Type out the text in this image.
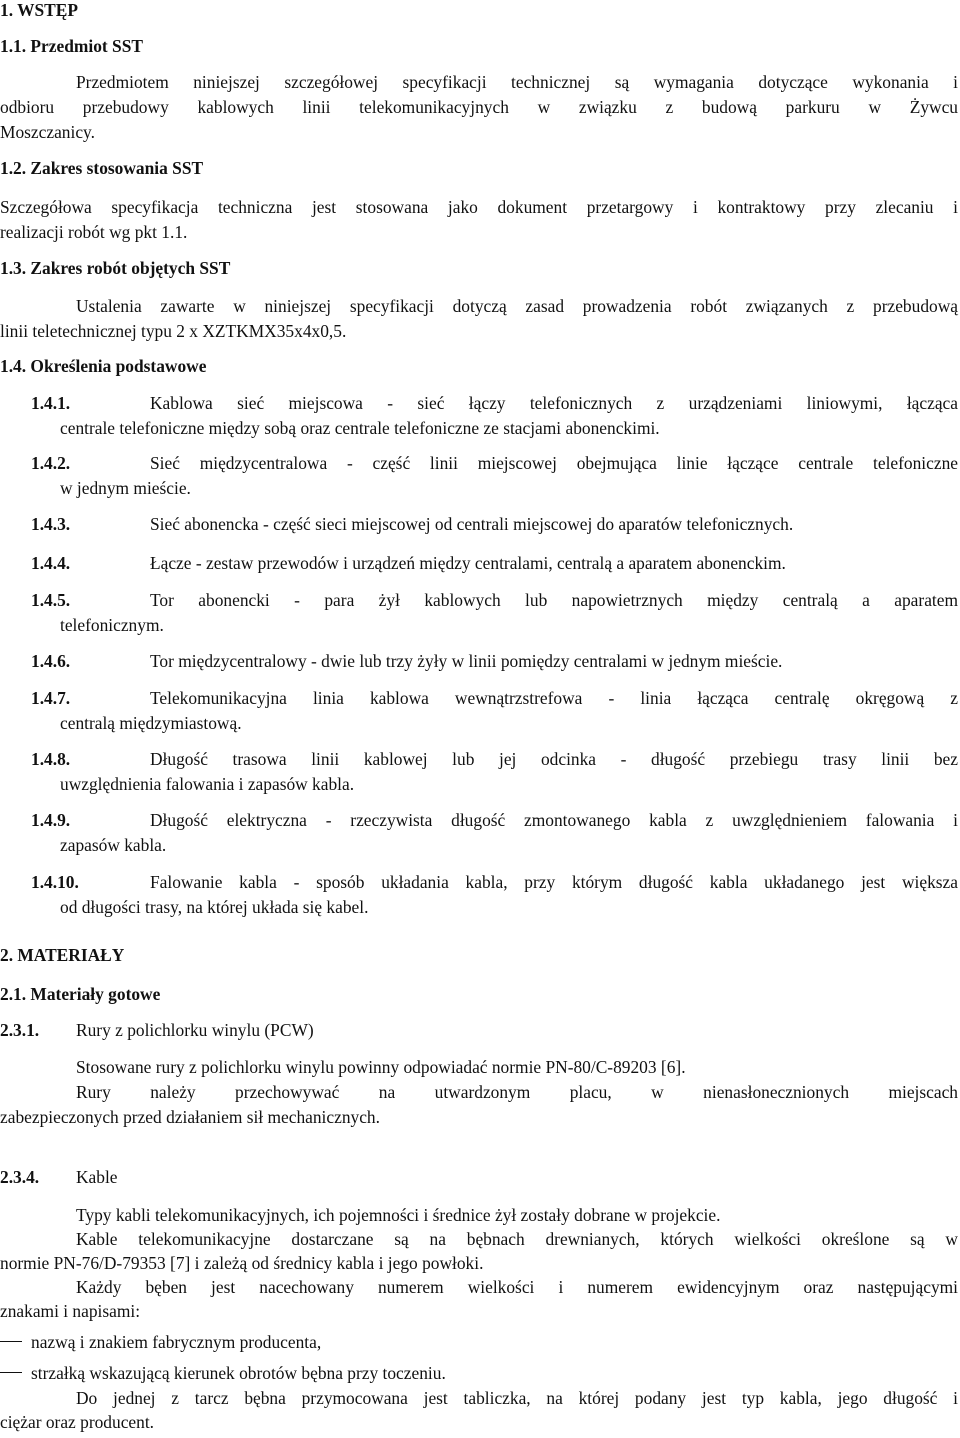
1. WSTĘP
1.1. Przedmiot SST
Przedmiotem niniejszej szczegółowej specyfikacji technicznej są wymagania dotyczące wykonania i
odbioru przebudowy kablowych linii telekomunikacyjnych w związku z budową parkuru w Żywcu
Moszczanicy.
1.2. Zakres stosowania SST
Szczegółowa specyfikacja techniczna jest stosowana jako dokument przetargowy i kontraktowy przy zlecaniu i
realizacji robót wg pkt 1.1.
1.3. Zakres robót objętych SST
Ustalenia zawarte w niniejszej specyfikacji dotyczą zasad prowadzenia robót związanych z przebudową
linii teletechnicznej typu 2 x XZTKMX35x4x0,5.
1.4. Określenia podstawowe
1.4.1.	Kablowa sieć miejscowa - sieć łączy telefonicznych z urządzeniami liniowymi, łącząca
centrale telefoniczne między sobą oraz centrale telefoniczne ze stacjami abonenckimi.
1.4.2.	Sieć międzycentralowa - część linii miejscowej obejmująca linie łączące centrale telefoniczne
w jednym mieście.
1.4.3.	Sieć abonencka - część sieci miejscowej od centrali miejscowej do aparatów telefonicznych.
1.4.4.	Łącze - zestaw przewodów i urządzeń między centralami, centralą a aparatem abonenckim.
1.4.5.	Tor abonencki - para żył kablowych lub napowietrznych między centralą a aparatem
telefonicznym.
1.4.6.	Tor międzycentralowy - dwie lub trzy żyły w linii pomiędzy centralami w jednym mieście.
1.4.7.	Telekomunikacyjna linia kablowa wewnątrzstrefowa - linia łącząca centralę okręgową z
centralą międzymiastową.
1.4.8.	Długość trasowa linii kablowej lub jej odcinka - długość przebiegu trasy linii bez
uwzględnienia falowania i zapasów kabla.
1.4.9.	Długość elektryczna - rzeczywista długość zmontowanego kabla z uwzględnieniem falowania i
zapasów kabla.
1.4.10.	Falowanie kabla - sposób układania kabla, przy którym długość kabla układanego jest większa
od długości trasy, na której układa się kabel.
2. MATERIAŁY
2.1. Materiały gotowe
2.3.1. Rury z polichlorku winylu (PCW)
Stosowane rury z polichlorku winylu powinny odpowiadać normie PN-80/C-89203 [6].
Rury należy przechowywać na utwardzonym placu, w nienasłonecznionych miejscach
zabezpieczonych przed działaniem sił mechanicznych.
2.3.4. Kable
Typy kabli telekomunikacyjnych, ich pojemności i średnice żył zostały dobrane w projekcie.
Kable telekomunikacyjne dostarczane są na bębnach drewnianych, których wielkości określone są w
normie PN-76/D-79353 [7] i zależą od średnicy kabla i jego powłoki.
Każdy bęben jest nacechowany numerem wielkości i numerem ewidencyjnym oraz następującymi
znakami i napisami:
nazwą i znakiem fabrycznym producenta,
strzałką wskazującą kierunek obrotów bębna przy toczeniu.
Do jednej z tarcz bębna przymocowana jest tabliczka, na której podany jest typ kabla, jego długość i
ciężar oraz producent.
